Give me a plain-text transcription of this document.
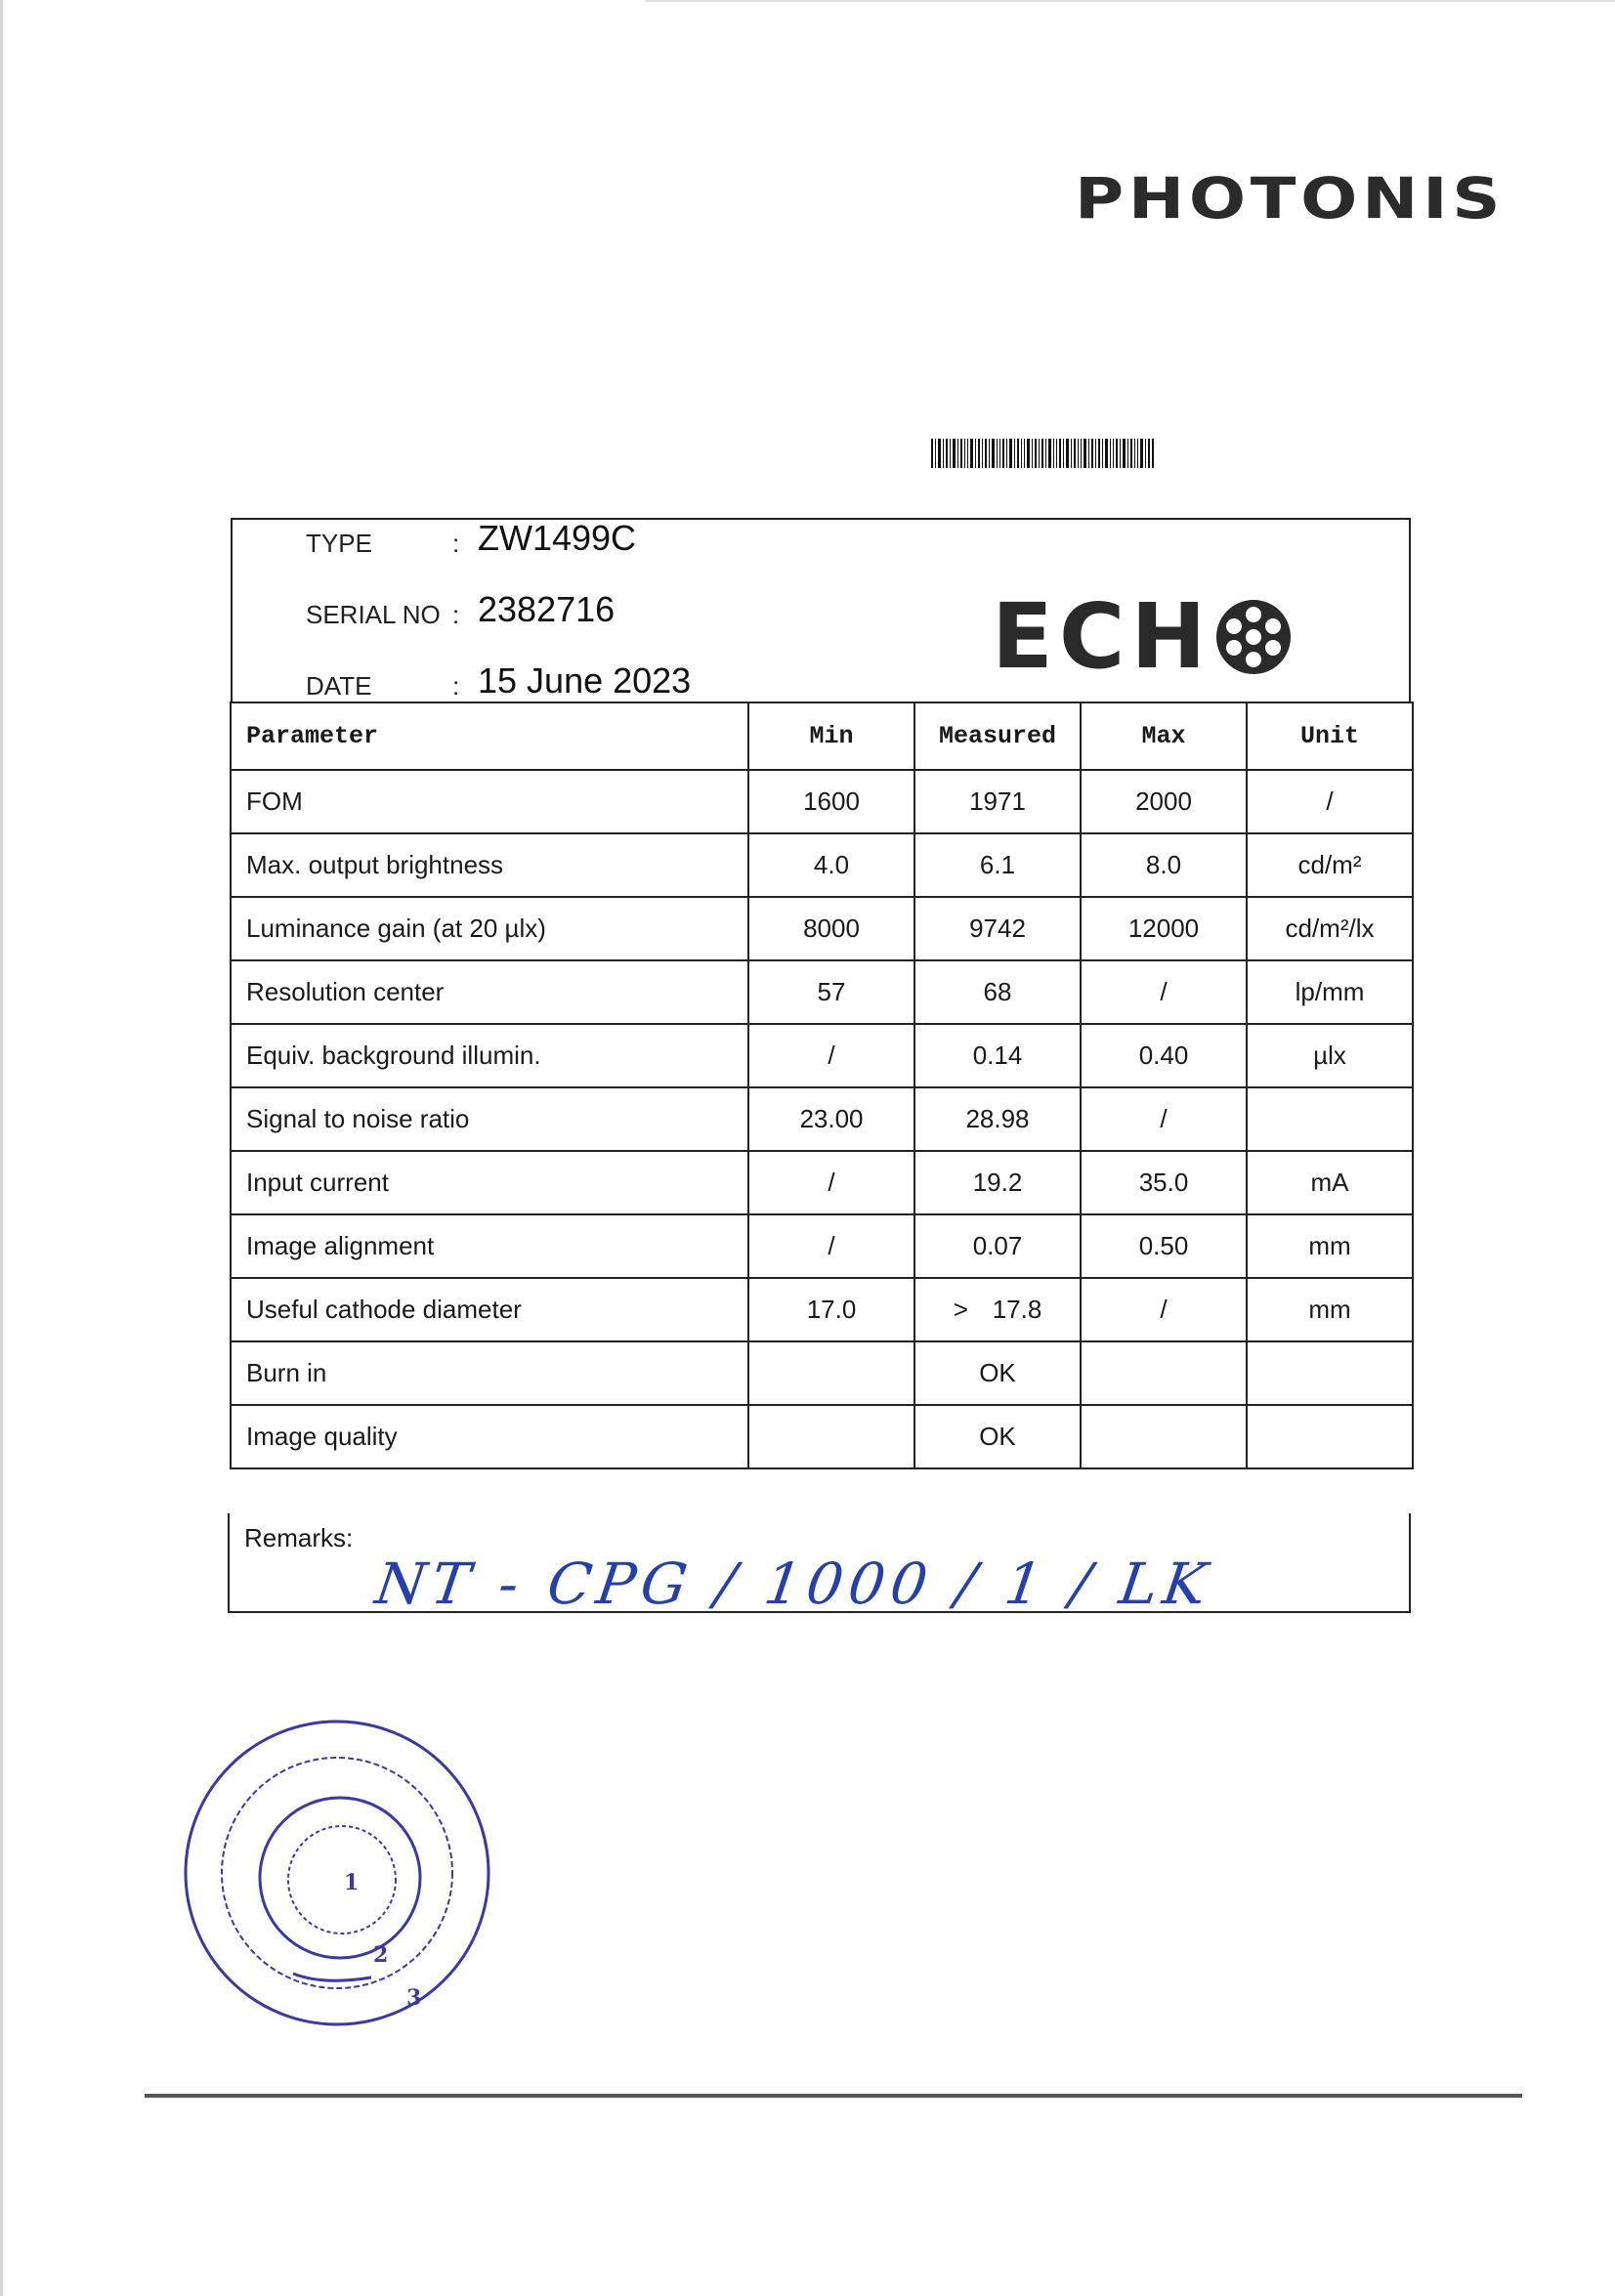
PHOTONIS
TYPE	: ZW1499C
SERIAL NO : 2382716
DATE	: 15 June 2023	ECH
Parameter	Min	Measured	Max	Unit
FOM	1600	1971	2000	/
Max. output brightness	4.0	6.1	8.0	cd/m²
Luminance gain (at 20 µlx)	8000	9742	12000	cd/m²/lx
Resolution center	57	68	/	lp/mm
Equiv. background illumin.	/	0.14	0.40	µlx
Signal to noise ratio	23.00	28.98	/	
Input current	/	19.2	35.0	mA
Image alignment	/	0.07	0.50	mm
Useful cathode diameter	17.0	> 17.8	/	mm
Burn in		OK		
Image quality		OK		
Remarks:
NT - CPG / 1000 / 1 / LK
1
2
3
